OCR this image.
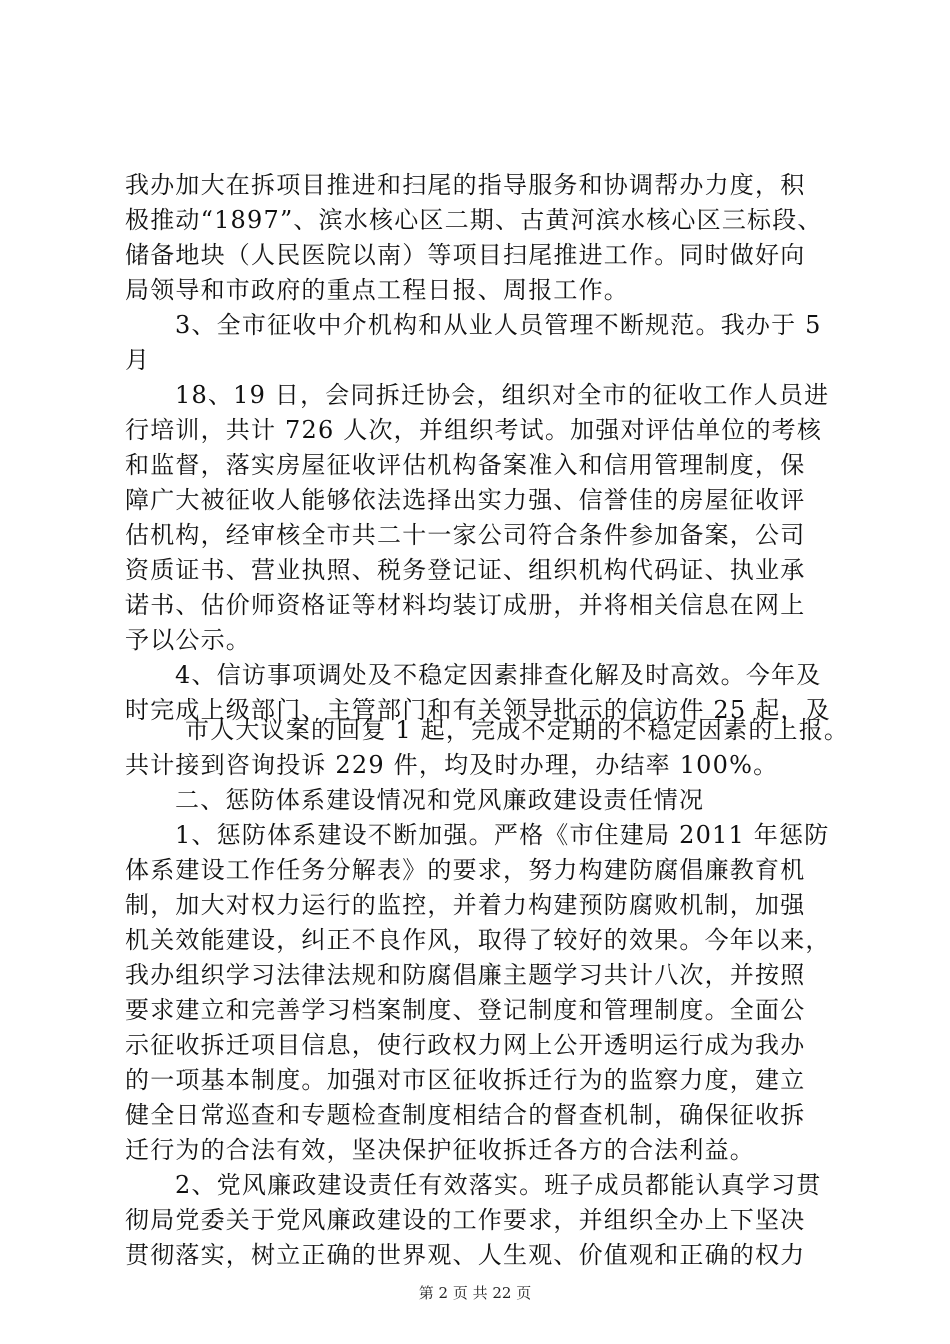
我办加大在拆项目推进和扫尾的指导服务和协调帮办力度，积
极推动“1897”、滨水核心区二期、古黄河滨水核心区三标段、
储备地块（人民医院以南）等项目扫尾推进工作。同时做好向
局领导和市政府的重点工程日报、周报工作。
3、全市征收中介机构和从业人员管理不断规范。我办于 5
月
18、19 日，会同拆迁协会，组织对全市的征收工作人员进
行培训，共计 726 人次，并组织考试。加强对评估单位的考核
和监督，落实房屋征收评估机构备案准入和信用管理制度，保
障广大被征收人能够依法选择出实力强、信誉佳的房屋征收评
估机构，经审核全市共二十一家公司符合条件参加备案，公司
资质证书、营业执照、税务登记证、组织机构代码证、执业承
诺书、估价师资格证等材料均装订成册，并将相关信息在网上
予以公示。
4、信访事项调处及不稳定因素排查化解及时高效。今年及
时完成上级部门、主管部门和有关领导批示的信访件 25 起，及
市人大议案的回复 1 起，完成不定期的不稳定因素的上报。
共计接到咨询投诉 229 件，均及时办理，办结率 100%。
二、惩防体系建设情况和党风廉政建设责任情况
1、惩防体系建设不断加强。严格《市住建局 2011 年惩防
体系建设工作任务分解表》的要求，努力构建防腐倡廉教育机
制，加大对权力运行的监控，并着力构建预防腐败机制，加强
机关效能建设，纠正不良作风，取得了较好的效果。今年以来，
我办组织学习法律法规和防腐倡廉主题学习共计八次，并按照
要求建立和完善学习档案制度、登记制度和管理制度。全面公
示征收拆迁项目信息，使行政权力网上公开透明运行成为我办
的一项基本制度。加强对市区征收拆迁行为的监察力度，建立
健全日常巡查和专题检查制度相结合的督查机制，确保征收拆
迁行为的合法有效，坚决保护征收拆迁各方的合法利益。
2、党风廉政建设责任有效落实。班子成员都能认真学习贯
彻局党委关于党风廉政建设的工作要求，并组织全办上下坚决
贯彻落实，树立正确的世界观、人生观、价值观和正确的权力
第 2 页 共 22 页
